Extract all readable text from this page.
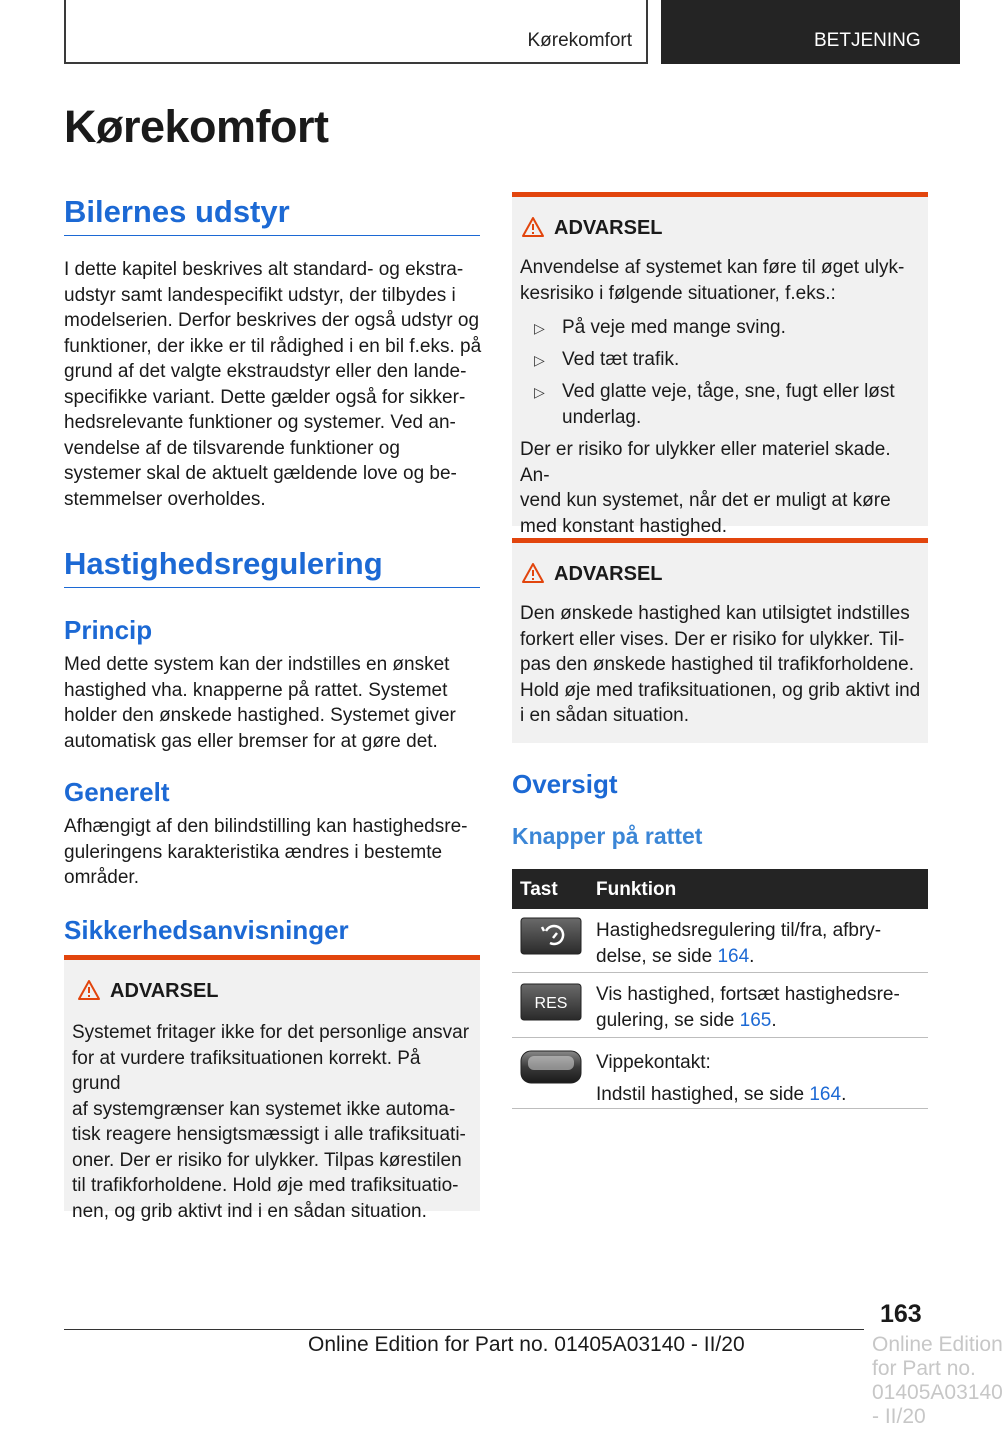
Kørekomfort	BETJENING
Kørekomfort
Bilernes udstyr
I dette kapitel beskrives alt standard- og ekstra-
udstyr samt landespecifikt udstyr, der tilbydes i
modelserien. Derfor beskrives der også udstyr og
funktioner, der ikke er til rådighed i en bil f.eks. på
grund af det valgte ekstraudstyr eller den lande-
specifikke variant. Dette gælder også for sikker-
hedsrelevante funktioner og systemer. Ved an-
vendelse af de tilsvarende funktioner og
systemer skal de aktuelt gældende love og be-
stemmelser overholdes.
Hastighedsregulering
Princip
Med dette system kan der indstilles en ønsket
hastighed vha. knapperne på rattet. Systemet
holder den ønskede hastighed. Systemet giver
automatisk gas eller bremser for at gøre det.
Generelt
Afhængigt af den bilindstilling kan hastighedsre-
guleringens karakteristika ændres i bestemte
områder.
Sikkerhedsanvisninger
ADVARSEL
Systemet fritager ikke for det personlige ansvar
for at vurdere trafiksituationen korrekt. På grund
af systemgrænser kan systemet ikke automa-
tisk reagere hensigtsmæssigt i alle trafiksituati-
oner. Der er risiko for ulykker. Tilpas kørestilen
til trafikforholdene. Hold øje med trafiksituatio-
nen, og grib aktivt ind i en sådan situation.
ADVARSEL
Anvendelse af systemet kan føre til øget ulyk-
kesrisiko i følgende situationer, f.eks.:
▷ På veje med mange sving.
▷ Ved tæt trafik.
▷ Ved glatte veje, tåge, sne, fugt eller løst
underlag.
Der er risiko for ulykker eller materiel skade. An-
vend kun systemet, når det er muligt at køre
med konstant hastighed.
ADVARSEL
Den ønskede hastighed kan utilsigtet indstilles
forkert eller vises. Der er risiko for ulykker. Til-
pas den ønskede hastighed til trafikforholdene.
Hold øje med trafiksituationen, og grib aktivt ind
i en sådan situation.
Oversigt
Knapper på rattet
Tast Funktion
Hastighedsregulering til/fra, afbry-
delse, se side 164.
RES Vis hastighed, fortsæt hastighedsre-
gulering, se side 165.
Vippekontakt:
Indstil hastighed, se side 164.
163
Online Edition for Part no. 01405A03140 - II/20	Online Edition for Part no. 01405A03140 - II/20
